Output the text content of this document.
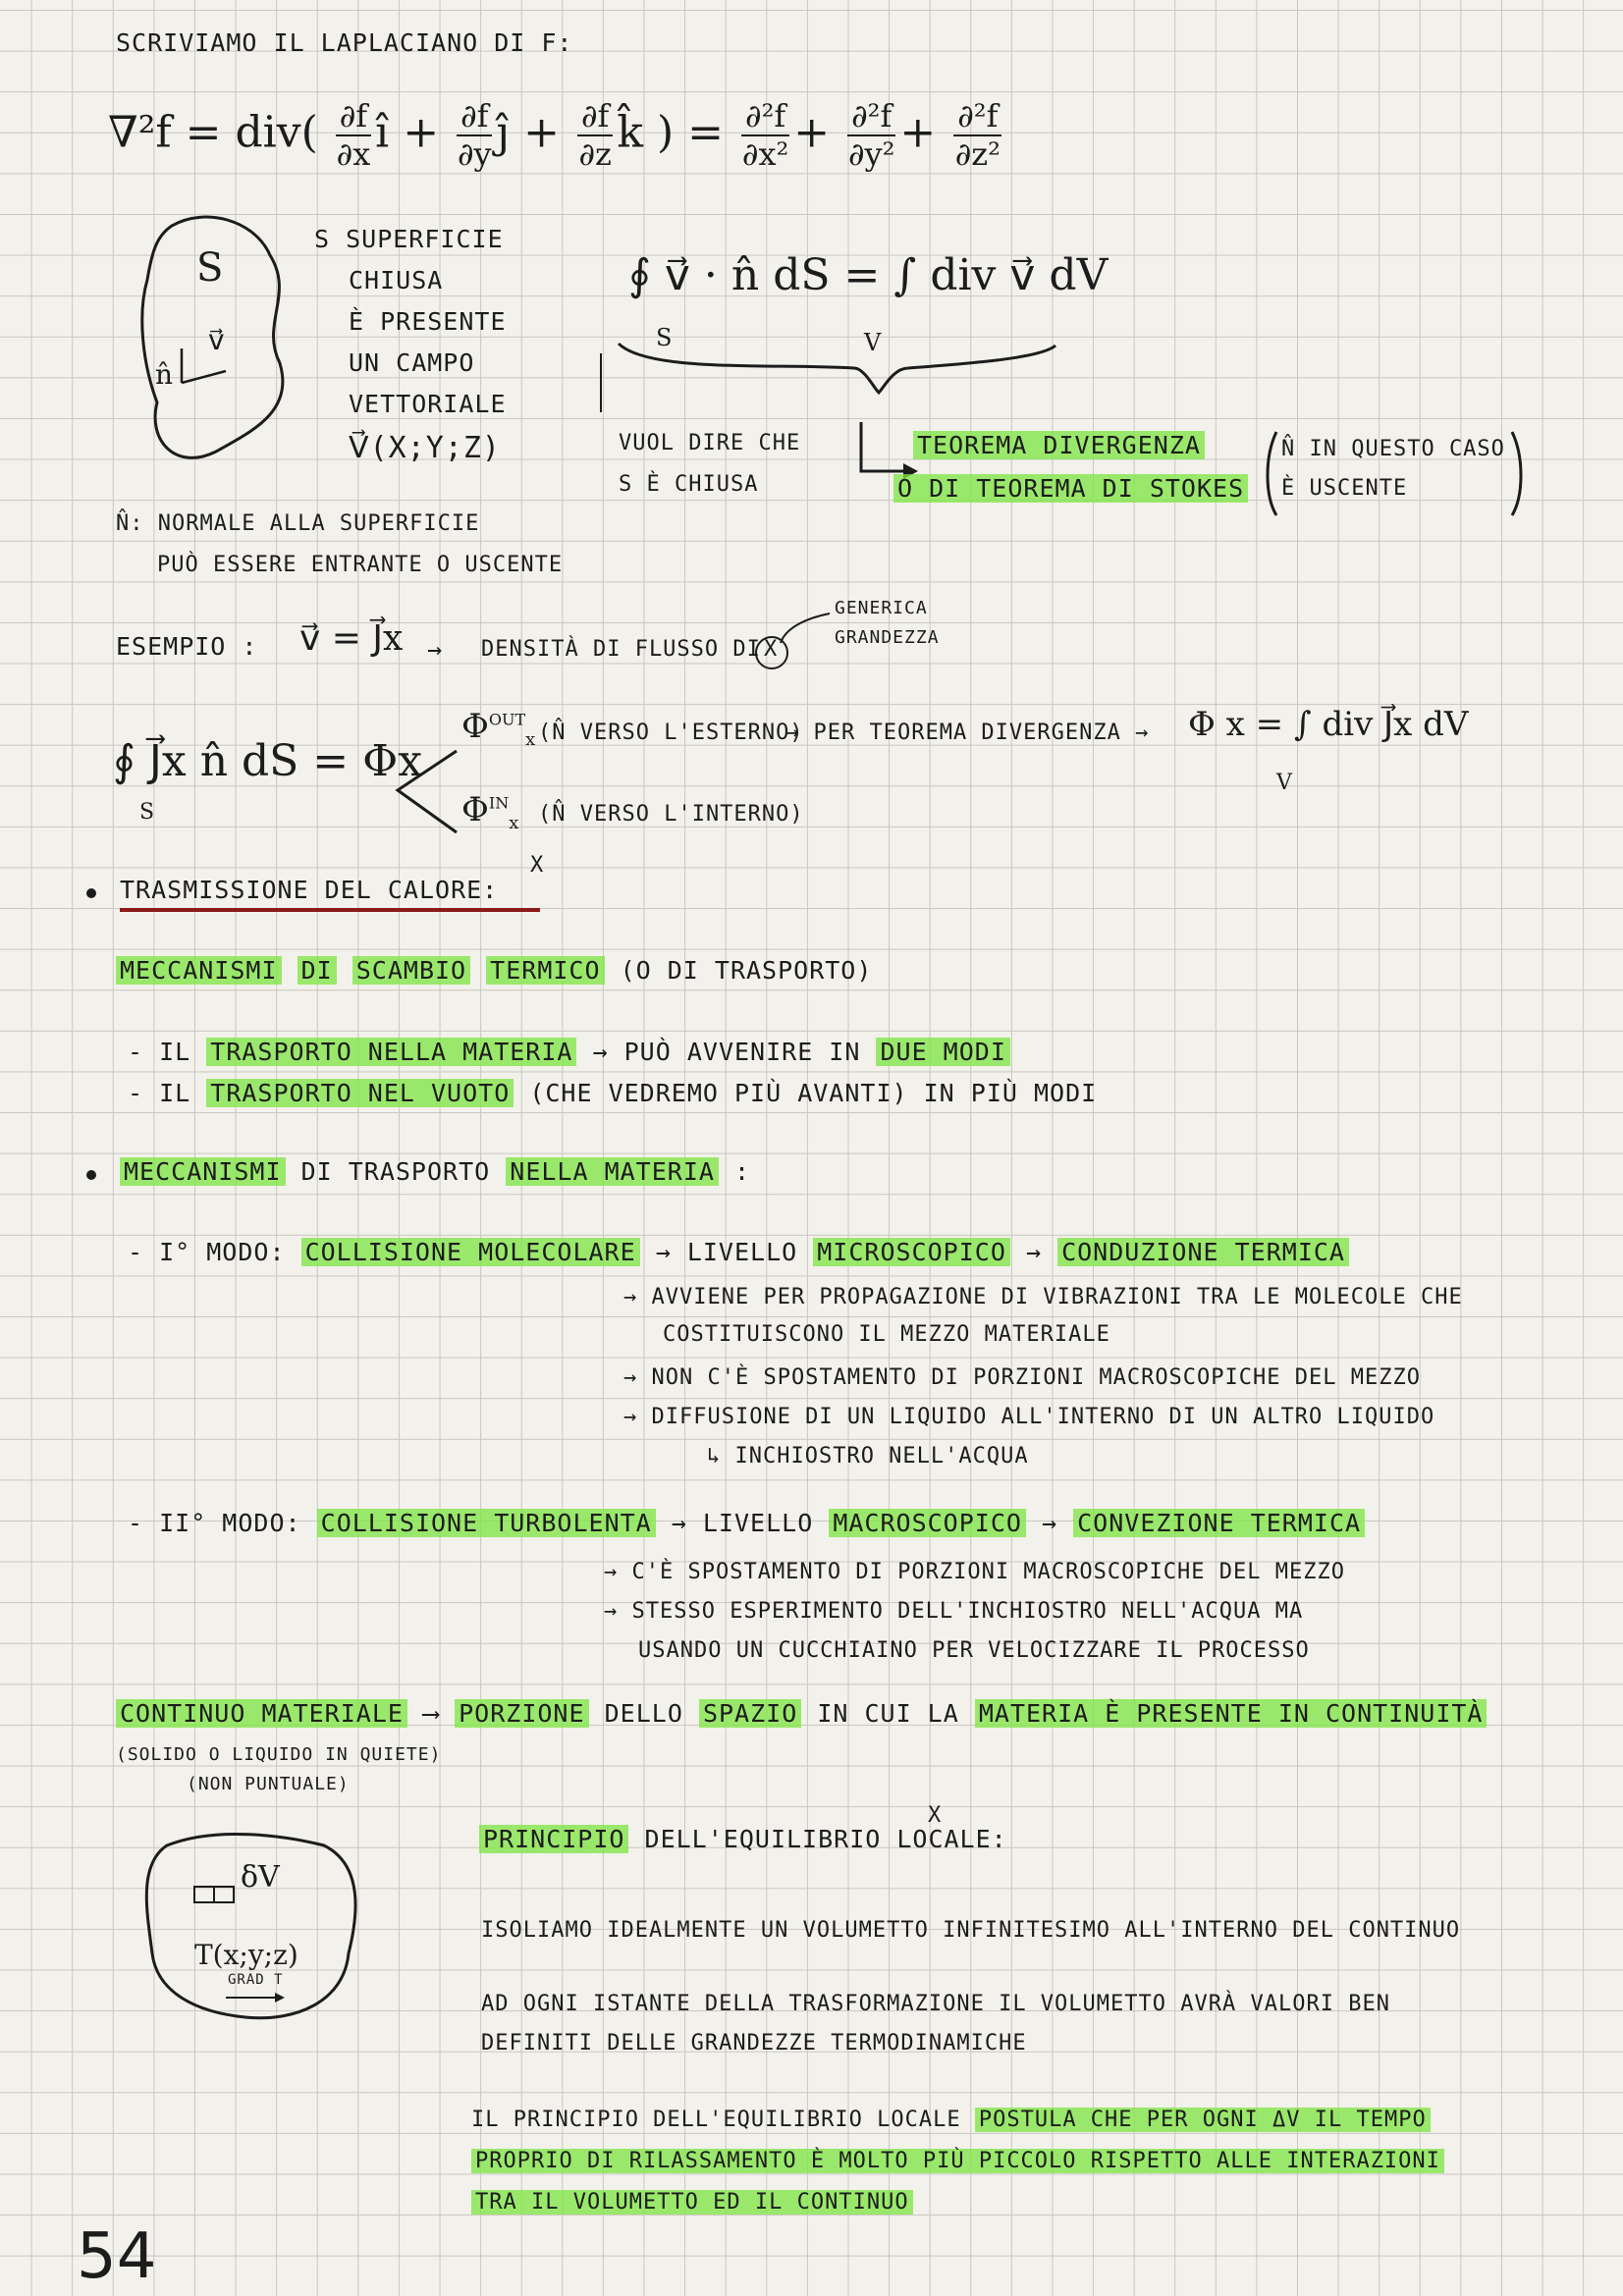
SCRIVIAMO IL LAPLACIANO DI F:
$\nabla^2f = div( \frac{\partial f}{\partial x}$ î + $\frac{\partial f}{\partial y}$ ĵ + $\frac{\partial f}{\partial z}$ k̂ ) = $\frac{\text{∂²f}}{\text{∂x²}} + \frac{\text{∂²f}}{\text{∂y²}} + \frac{\text{∂²f}}{\text{∂z²}}$
S
n̂
v⃗
S SUPERFICIE
CHIUSA
È PRESENTE
UN CAMPO
VETTORIALE
V⃗(X;Y;Z)
∮ v⃗ · n̂ dS = ∫ div v⃗ dV
S	V
VUOL DIRE CHE
S È CHIUSA
TEOREMA DIVERGENZA
O DI TEOREMA DI STOKES
N̂ IN QUESTO CASO
È USCENTE
N̂: NORMALE ALLA SUPERFICIE
PUÒ ESSERE ENTRANTE O USCENTE
ESEMPIO : v⃗ = J⃗x → DENSITÀ DI FLUSSO DI X
GENERICA
GRANDEZZA
∮ J⃗x n̂ dS = Φx
S
$\Phi^{OUT}_x$ (N̂ VERSO L'ESTERNO)
→ PER TEOREMA DIVERGENZA → Φ x = ∫ div J⃗x dV
V
$\Phi^{IN}_x$ (N̂ VERSO L'INTERNO)
TRASMISSIONE DEL CALORE:
X
MECCANISMI DI SCAMBIO TERMICO (O DI TRASPORTO)
- IL TRASPORTO NELLA MATERIA → PUÒ AVVENIRE IN DUE MODI
- IL TRASPORTO NEL VUOTO (CHE VEDREMO PIÙ AVANTI) IN PIÙ MODI
MECCANISMI DI TRASPORTO NELLA MATERIA :
- I° MODO: COLLISIONE MOLECOLARE → LIVELLO MICROSCOPICO → CONDUZIONE TERMICA
→ AVVIENE PER PROPAGAZIONE DI VIBRAZIONI TRA LE MOLECOLE CHE
COSTITUISCONO IL MEZZO MATERIALE
→ NON C'È SPOSTAMENTO DI PORZIONI MACROSCOPICHE DEL MEZZO
→ DIFFUSIONE DI UN LIQUIDO ALL'INTERNO DI UN ALTRO LIQUIDO
↳ INCHIOSTRO NELL'ACQUA
- II° MODO: COLLISIONE TURBOLENTA → LIVELLO MACROSCOPICO → CONVEZIONE TERMICA
→ C'È SPOSTAMENTO DI PORZIONI MACROSCOPICHE DEL MEZZO
→ STESSO ESPERIMENTO DELL'INCHIOSTRO NELL'ACQUA MA
USANDO UN CUCCHIAINO PER VELOCIZZARE IL PROCESSO
CONTINUO MATERIALE ⟶ PORZIONE DELLO SPAZIO IN CUI LA MATERIA È PRESENTE IN CONTINUITÀ
(SOLIDO O LIQUIDO IN QUIETE)
(NON PUNTUALE)
δV
T(x;y;z)
GRAD T
PRINCIPIO DELL'EQUILIBRIO LOCALE:
X
ISOLIAMO IDEALMENTE UN VOLUMETTO INFINITESIMO ALL'INTERNO DEL CONTINUO
AD OGNI ISTANTE DELLA TRASFORMAZIONE IL VOLUMETTO AVRÀ VALORI BEN
DEFINITI DELLE GRANDEZZE TERMODINAMICHE
IL PRINCIPIO DELL'EQUILIBRIO LOCALE POSTULA CHE PER OGNI ΔV IL TEMPO
PROPRIO DI RILASSAMENTO È MOLTO PIÙ PICCOLO RISPETTO ALLE INTERAZIONI
TRA IL VOLUMETTO ED IL CONTINUO
54
